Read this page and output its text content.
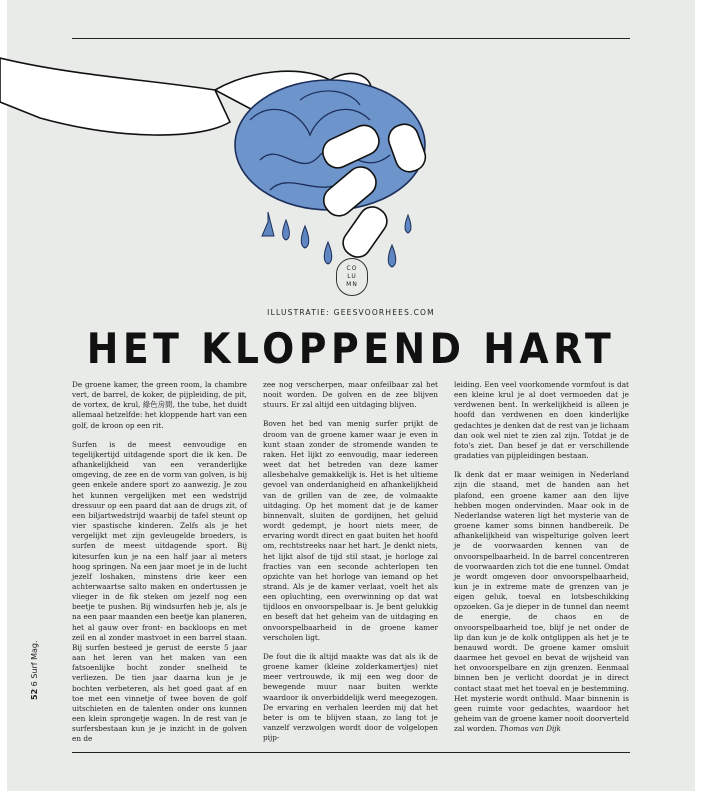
CO
LU
MN
ILLUSTRATIE: GEESVOORHEES.COM
HET KLOPPEND HART

De groene kamer, the green room, la chambre vert, de barrel, de koker, de pijpleiding, de pit, de vortex, de krul, 綠色房間, the tube, het duidt allemaal hetzelfde: het kloppende hart van een golf, de kroon op een rit.

Surfen is de meest eenvoudige en tegelijkertijd uitdagende sport die ik ken. De afhankelijkheid van een veranderlijke omgeving, de zee en de vorm van golven, is bij geen enkele andere sport zo aanwezig. Je zou het kunnen vergelijken met een wedstrijd dressuur op een paard dat aan de drugs zit, of een biljartwedstrijd waarbij de tafel steunt op vier spastische kinderen. Zelfs als je het vergelijkt met zijn gevleugelde broeders, is surfen de meest uitdagende sport. Bij kitesurfen kun je na een half jaar al meters hoog springen. Na een jaar moet je in de lucht jezelf loshaken, minstens drie keer een achterwaartse salto maken en ondertussen je vlieger in de fik steken om jezelf nog een beetje te pushen. Bij windsurfen heb je, als je na een paar maanden een beetje kan planeren, het al gauw over front- en backloops en met zeil en al zonder mastvoet in een barrel staan. Bij surfen besteed je gerust de eerste 5 jaar aan het leren van het maken van een fatsoenlijke bocht zonder snelheid te verliezen. De tien jaar daarna kun je je bochten verbeteren, als het goed gaat af en toe met een vinnetje of twee boven de golf uitschieten en de talenten onder ons kunnen een klein sprongetje wagen. In de rest van je surfersbestaan kun je je inzicht in de golven en de

zee nog verscherpen, maar onfeilbaar zal het nooit worden. De golven en de zee blijven stuurs. Er zal altijd een uitdaging blijven.

Boven het bed van menig surfer prijkt de droom van de groene kamer waar je even in kunt staan zonder de stromende wanden te raken. Het lijkt zo eenvoudig, maar iedereen weet dat het betreden van deze kamer allesbehalve gemakkelijk is. Het is het ultieme gevoel van onderdanigheid en afhankelijkheid van de grillen van de zee, de volmaakte uitdaging. Op het moment dat je de kamer binnenvalt, sluiten de gordijnen, het geluid wordt gedempt, je hoort niets meer, de ervaring wordt direct en gaat buiten het hoofd om, rechtstreeks naar het hart. Je denkt niets, het lijkt alsof de tijd stil staat, je horloge zal fracties van een seconde achterlopen ten opzichte van het horloge van iemand op het strand. Als je de kamer verlaat, voelt het als een opluchting, een overwinning op dat wat tijdloos en onvoorspelbaar is. Je bent gelukkig en beseft dat het geheim van de uitdaging en onvoorspelbaarheid in de groene kamer verscholen ligt.

De fout die ik altijd maakte was dat als ik de groene kamer (kleine zolderkamertjes) niet meer vertrouwde, ik mij een weg door de bewegende muur naar buiten werkte waardoor ik onverbiddelijk werd meegezogen. De ervaring en verhalen leerden mij dat het beter is om te blijven staan, zo lang tot je vanzelf verzwolgen wordt door de volgelopen pijp-

leiding. Een veel voorkomende vormfout is dat een kleine krul je al doet vermoeden dat je verdwenen bent. In werkelijkheid is alleen je hoofd dan verdwenen en doen kinderlijke gedachtes je denken dat de rest van je lichaam dan ook wel niet te zien zal zijn. Totdat je de foto's ziet. Dan besef je dat er verschillende gradaties van pijpleidingen bestaan.

Ik denk dat er maar weinigen in Nederland zijn die staand, met de handen aan het plafond, een groene kamer aan den lijve hebben mogen ondervinden. Maar ook in de Nederlandse wateren ligt het mysterie van de groene kamer soms binnen handbereik. De afhankelijkheid van wispelturige golven leert je de voorwaarden kennen van de onvoorspelbaarheid. In de barrel concentreren de voorwaarden zich tot die ene tunnel. Omdat je wordt omgeven door onvoorspelbaarheid, kun je in extreme mate de grenzen van je eigen geluk, toeval en lotsbeschikking opzoeken. Ga je dieper in de tunnel dan neemt de energie, de chaos en de onvoorspelbaarheid toe, blijf je net onder de lip dan kun je de kolk ontglippen als het je te benauwd wordt. De groene kamer omsluit daarmee het gevoel en bevat de wijsheid van het onvoorspelbare en zijn grenzen. Eenmaal binnen ben je verlicht doordat je in direct contact staat met het toeval en je bestemming. Het mysterie wordt onthuld. Maar binnenin is geen ruimte voor gedachtes, waardoor het geheim van de groene kamer nooit doorverteld zal worden. Thomas van Dijk

52 6 Surf Mag.
